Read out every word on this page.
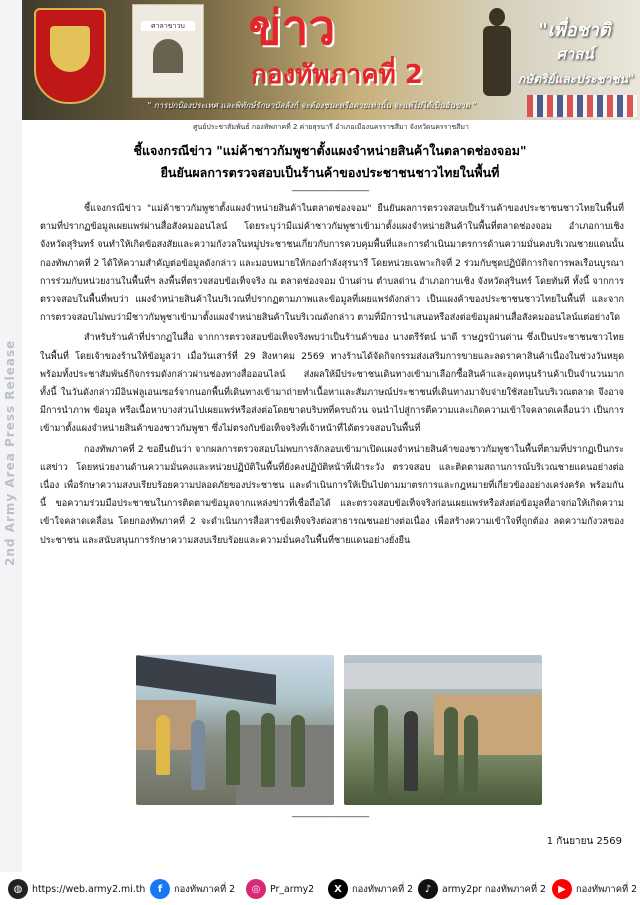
2nd Army Area Press Release
ศาลาขาวบ	ข่าว
กองทัพภาคที่ 2
"เพื่อชาติ
ศาสน์
กษัตริย์และประชาชน"
" การปกป้องประเทศ และพิทักษ์รักษาบัลลังก์ จะต้องชนะหรือตายเท่านั้น จะแพ้ไม่ได้เป็นอันขาด "
ศูนย์ประชาสัมพันธ์ กองทัพภาคที่ 2 ค่ายสุรนารี อำเภอเมืองนครราชสีมา จังหวัดนครราชสีมา
ชี้แจงกรณีข่าว "แม่ค้าชาวกัมพูชาตั้งแผงจำหน่ายสินค้าในตลาดช่องจอม"
ยืนยันผลการตรวจสอบเป็นร้านค้าของประชาชนชาวไทยในพื้นที่
-----------------------------------------

ชี้แจงกรณีข่าว "แม่ค้าชาวกัมพูชาตั้งแผงจำหน่ายสินค้าในตลาดช่องจอม" ยืนยันผลการตรวจสอบเป็นร้านค้าของประชาชนชาวไทยในพื้นที่ ตามที่ปรากฏข้อมูลเผยแพร่ผ่านสื่อสังคมออนไลน์ โดยระบุว่ามีแม่ค้าชาวกัมพูชาเข้ามาตั้งแผงจำหน่ายสินค้าในพื้นที่ตลาดช่องจอม อำเภอกาบเชิง จังหวัดสุรินทร์ จนทำให้เกิดข้อสงสัยและความกังวลในหมู่ประชาชนเกี่ยวกับการควบคุมพื้นที่และการดำเนินมาตรการด้านความมั่นคงบริเวณชายแดนนั้น กองทัพภาคที่ 2 ได้ให้ความสำคัญต่อข้อมูลดังกล่าว และมอบหมายให้กองกำลังสุรนารี โดยหน่วยเฉพาะกิจที่ 2 ร่วมกับชุดปฏิบัติการกิจการพลเรือนบูรณาการร่วมกับหน่วยงานในพื้นที่ฯ ลงพื้นที่ตรวจสอบข้อเท็จจริง ณ ตลาดช่องจอม บ้านด่าน ตำบลด่าน อำเภอกาบเชิง จังหวัดสุรินทร์ โดยทันที ทั้งนี้ จากการตรวจสอบในพื้นที่พบว่า แผงจำหน่ายสินค้าในบริเวณที่ปรากฏตามภาพและข้อมูลที่เผยแพร่ดังกล่าว เป็นแผงค้าของประชาชนชาวไทยในพื้นที่ และจากการตรวจสอบไม่พบว่ามีชาวกัมพูชาเข้ามาตั้งแผงจำหน่ายสินค้าในบริเวณดังกล่าว ตามที่มีการนำเสนอหรือส่งต่อข้อมูลผ่านสื่อสังคมออนไลน์แต่อย่างใด

สำหรับร้านค้าที่ปรากฏในสื่อ จากการตรวจสอบข้อเท็จจริงพบว่าเป็นร้านค้าของ นางตรีรัตน์ นาดี ราษฎรบ้านด่าน ซึ่งเป็นประชาชนชาวไทยในพื้นที่ โดยเจ้าของร้านให้ข้อมูลว่า เมื่อวันเสาร์ที่ 29 สิงหาคม 2569 ทางร้านได้จัดกิจกรรมส่งเสริมการขายและลดราคาสินค้าเนื่องในช่วงวันหยุด พร้อมทั้งประชาสัมพันธ์กิจกรรมดังกล่าวผ่านช่องทางสื่อออนไลน์ ส่งผลให้มีประชาชนเดินทางเข้ามาเลือกซื้อสินค้าและอุดหนุนร้านค้าเป็นจำนวนมาก ทั้งนี้ ในวันดังกล่าวมีอินฟลูเอนเซอร์จากนอกพื้นที่เดินทางเข้ามาถ่ายทำเนื้อหาและสัมภาษณ์ประชาชนที่เดินทางมาจับจ่ายใช้สอยในบริเวณตลาด จึงอาจมีการนำภาพ ข้อมูล หรือเนื้อหาบางส่วนไปเผยแพร่หรือส่งต่อโดยขาดบริบทที่ครบถ้วน จนนำไปสู่การตีความและเกิดความเข้าใจคลาดเคลื่อนว่า เป็นการเข้ามาตั้งแผงจำหน่ายสินค้าของชาวกัมพูชา ซึ่งไม่ตรงกับข้อเท็จจริงที่เจ้าหน้าที่ได้ตรวจสอบในพื้นที่

กองทัพภาคที่ 2 ขอยืนยันว่า จากผลการตรวจสอบไม่พบการลักลอบเข้ามาเปิดแผงจำหน่ายสินค้าของชาวกัมพูชาในพื้นที่ตามที่ปรากฏเป็นกระแสข่าว โดยหน่วยงานด้านความมั่นคงและหน่วยปฏิบัติในพื้นที่ยังคงปฏิบัติหน้าที่เฝ้าระวัง ตรวจสอบ และติดตามสถานการณ์บริเวณชายแดนอย่างต่อเนื่อง เพื่อรักษาความสงบเรียบร้อยความปลอดภัยของประชาชน และดำเนินการให้เป็นไปตามมาตรการและกฎหมายที่เกี่ยวข้องอย่างเคร่งครัด พร้อมกันนี้ ขอความร่วมมือประชาชนในการติดตามข้อมูลจากแหล่งข่าวที่เชื่อถือได้ และตรวจสอบข้อเท็จจริงก่อนเผยแพร่หรือส่งต่อข้อมูลที่อาจก่อให้เกิดความเข้าใจคลาดเคลื่อน โดยกองทัพภาคที่ 2 จะดำเนินการสื่อสารข้อเท็จจริงต่อสาธารณชนอย่างต่อเนื่อง เพื่อสร้างความเข้าใจที่ถูกต้อง ลดความกังวลของประชาชน และสนับสนุนการรักษาความสงบเรียบร้อยและความมั่นคงในพื้นที่ชายแดนอย่างยั่งยืน

-----------------------------------------
1 กันยายน 2569
◍	https://web.army2.mi.th	f	กองทัพภาคที่ 2	◎	Pr_army2	X	กองทัพภาคที่ 2	♪	army2pr กองทัพภาคที่ 2	▶	กองทัพภาคที่ 2
